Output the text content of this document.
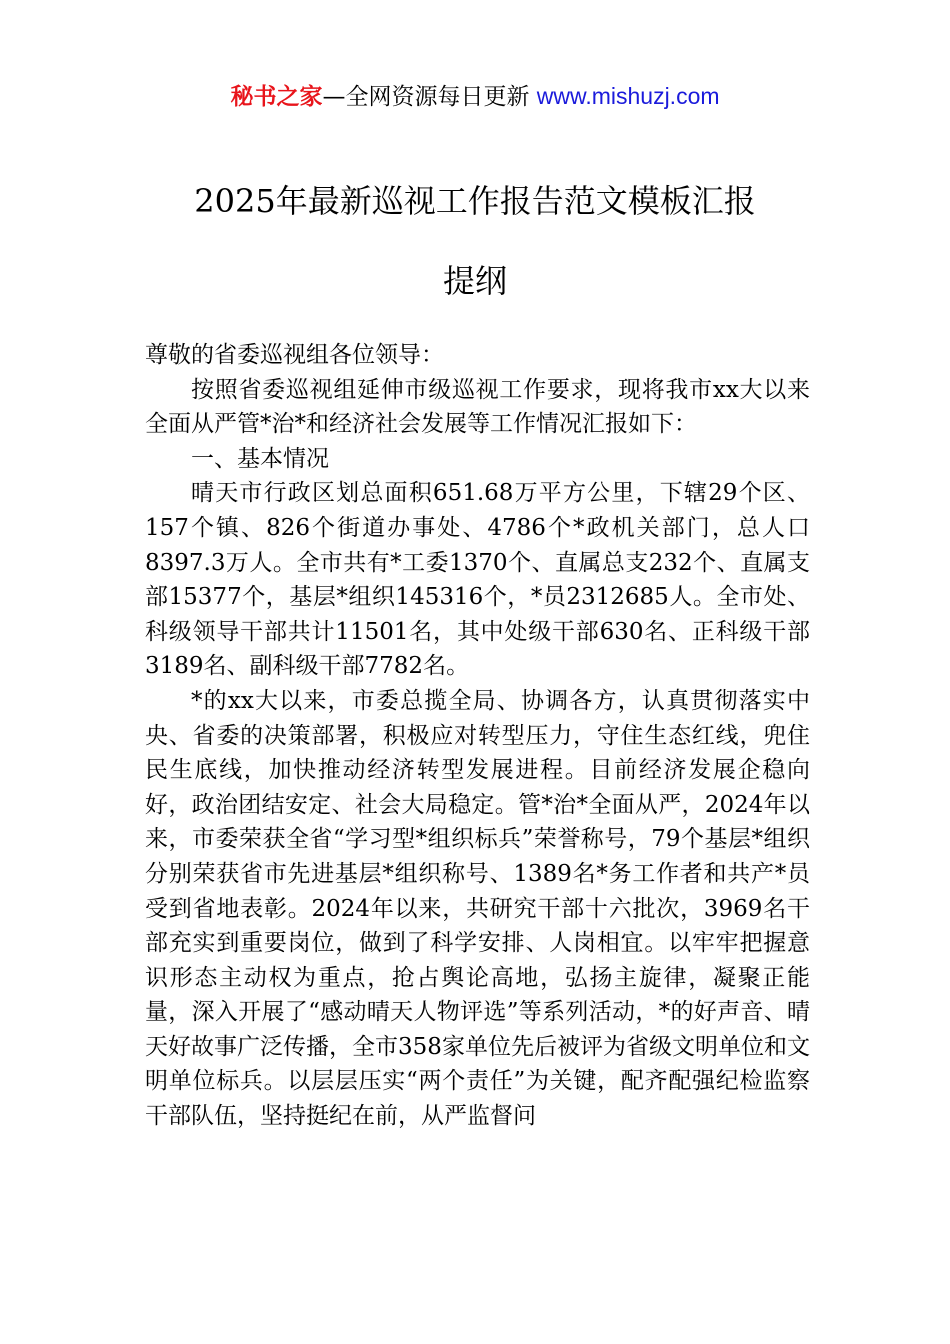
秘书之家—全网资源每日更新 www.mishuzj.com
2025年最新巡视工作报告范文模板汇报
提纲

尊敬的省委巡视组各位领导：

按照省委巡视组延伸市级巡视工作要求，现将我市xx大以来全面从严管*治*和经济社会发展等工作情况汇报如下：

一、基本情况

晴天市行政区划总面积651.68万平方公里，下辖29个区、157个镇、826个街道办事处、4786个*政机关部门，总人口8397.3万人。全市共有*工委1370个、直属总支232个、直属支部15377个，基层*组织145316个，*员2312685人。全市处、科级领导干部共计11501名，其中处级干部630名、正科级干部3189名、副科级干部7782名。

*的xx大以来，市委总揽全局、协调各方，认真贯彻落实中央、省委的决策部署，积极应对转型压力，守住生态红线，兜住民生底线，加快推动经济转型发展进程。目前经济发展企稳向好，政治团结安定、社会大局稳定。管*治*全面从严，2024年以来，市委荣获全省“学习型*组织标兵”荣誉称号，79个基层*组织分别荣获省市先进基层*组织称号、1389名*务工作者和共产*员受到省地表彰。2024年以来，共研究干部十六批次，3969名干部充实到重要岗位，做到了科学安排、人岗相宜。以牢牢把握意识形态主动权为重点，抢占舆论高地，弘扬主旋律，凝聚正能量，深入开展了“感动晴天人物评选”等系列活动，*的好声音、晴天好故事广泛传播，全市358家单位先后被评为省级文明单位和文明单位标兵。以层层压实“两个责任”为关键，配齐配强纪检监察干部队伍，坚持挺纪在前，从严监督问
